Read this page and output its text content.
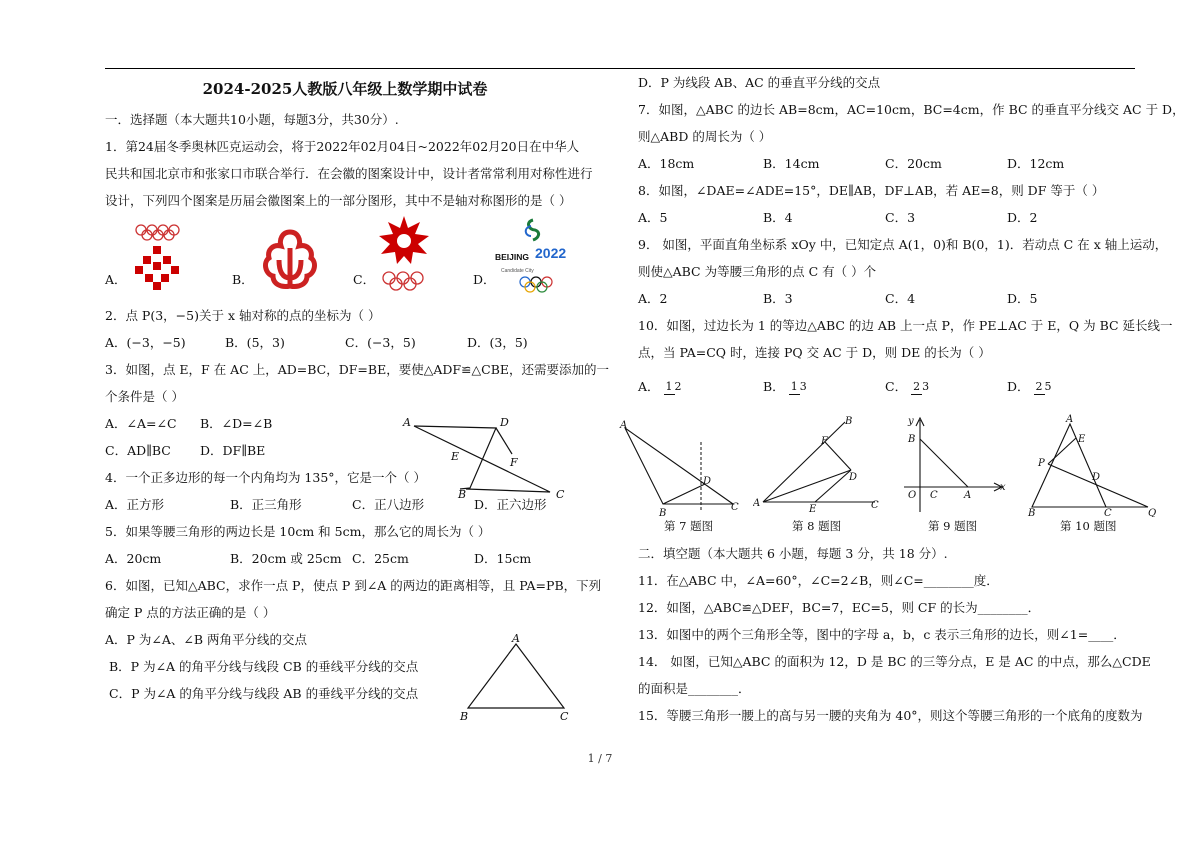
2024-2025人教版八年级上数学期中试卷
一．选择题（本大题共10小题，每题3分，共30分）.
1．第24届冬季奥林匹克运动会，将于2022年02月04日~2022年02月20日在中华人
民共和国北京市和张家口市联合举行．在会徽的图案设计中，设计者常常利用对称性进行
设计，下列四个图案是历届会徽图案上的一部分图形，其中不是轴对称图形的是（ ）
A．	B．	C．	D．
BEIJING 2022
Candidate City
2．点 P(3，−5)关于 x 轴对称的点的坐标为（ ）
A．(−3，−5)	B．(5，3)	C．(−3，5)	D．(3，5)
3．如图，点 E，F 在 AC 上，AD=BC，DF=BE，要使△ADF≌△CBE，还需要添加的一
个条件是（ ）
A．∠A=∠C	B．∠D=∠B
C．AD∥BC	D．DF∥BE
4．一个正多边形的每一个内角均为 135°，它是一个（ ）
A．正方形	B．正三角形	C．正八边形	D．正六边形
5．如果等腰三角形的两边长是 10cm 和 5cm，那么它的周长为（ ）
A．20cm	B．20cm 或 25cm C．25cm	D．15cm
6．如图，已知△ABC，求作一点 P，使点 P 到∠A 的两边的距离相等，且 PA=PB，下列
确定 P 点的方法正确的是（ ）
A．P 为∠A、∠B 两角平分线的交点
B．P 为∠A 的角平分线与线段 CB 的垂线平分线的交点
C．P 为∠A 的角平分线与线段 AB 的垂线平分线的交点
A	D
E	F
B	C
A
B	C
D．P 为线段 AB、AC 的垂直平分线的交点
7．如图，△ABC 的边长 AB=8cm，AC=10cm，BC=4cm，作 BC 的垂直平分线交 AC 于 D，
则△ABD 的周长为（ ）
A．18cm	B．14cm	C．20cm	D．12cm
8．如图，∠DAE=∠ADE=15°，DE∥AB，DF⊥AB，若 AE=8，则 DF 等于（ ）
A．5	B．4	C．3	D．2
9． 如图，平面直角坐标系 xOy 中，已知定点 A(1，0)和 B(0，1)．若动点 C 在 x 轴上运动，
则使△ABC 为等腰三角形的点 C 有（ ）个
A．2	B．3	C．4	D．5
10．如图，过边长为 1 的等边△ABC 的边 AB 上一点 P，作 PE⊥AC 于 E，Q 为 BC 延长线一
点，当 PA=CQ 时，连接 PQ 交 AC 于 D，则 DE 的长为（ ）
A． 1 2	B． 1 3	C． 2 3	D． 2 5
A
D
B
C
第 7 题图
B
F
D
A
E	C
第 8 题图
y
B
O C	A
x
第 9 题图
A
E
P
D
B	C	Q
第 10 题图
二．填空题（本大题共 6 小题，每题 3 分，共 18 分）.
11．在△ABC 中，∠A=60°，∠C=2∠B，则∠C=________度．
12．如图，△ABC≌△DEF，BC=7，EC=5，则 CF 的长为________．
13．如图中的两个三角形全等，图中的字母 a，b，c 表示三角形的边长，则∠1=____．
14． 如图，已知△ABC 的面积为 12，D 是 BC 的三等分点，E 是 AC 的中点，那么△CDE
的面积是________．
15．等腰三角形一腰上的高与另一腰的夹角为 40°，则这个等腰三角形的一个底角的度数为
1 / 7
